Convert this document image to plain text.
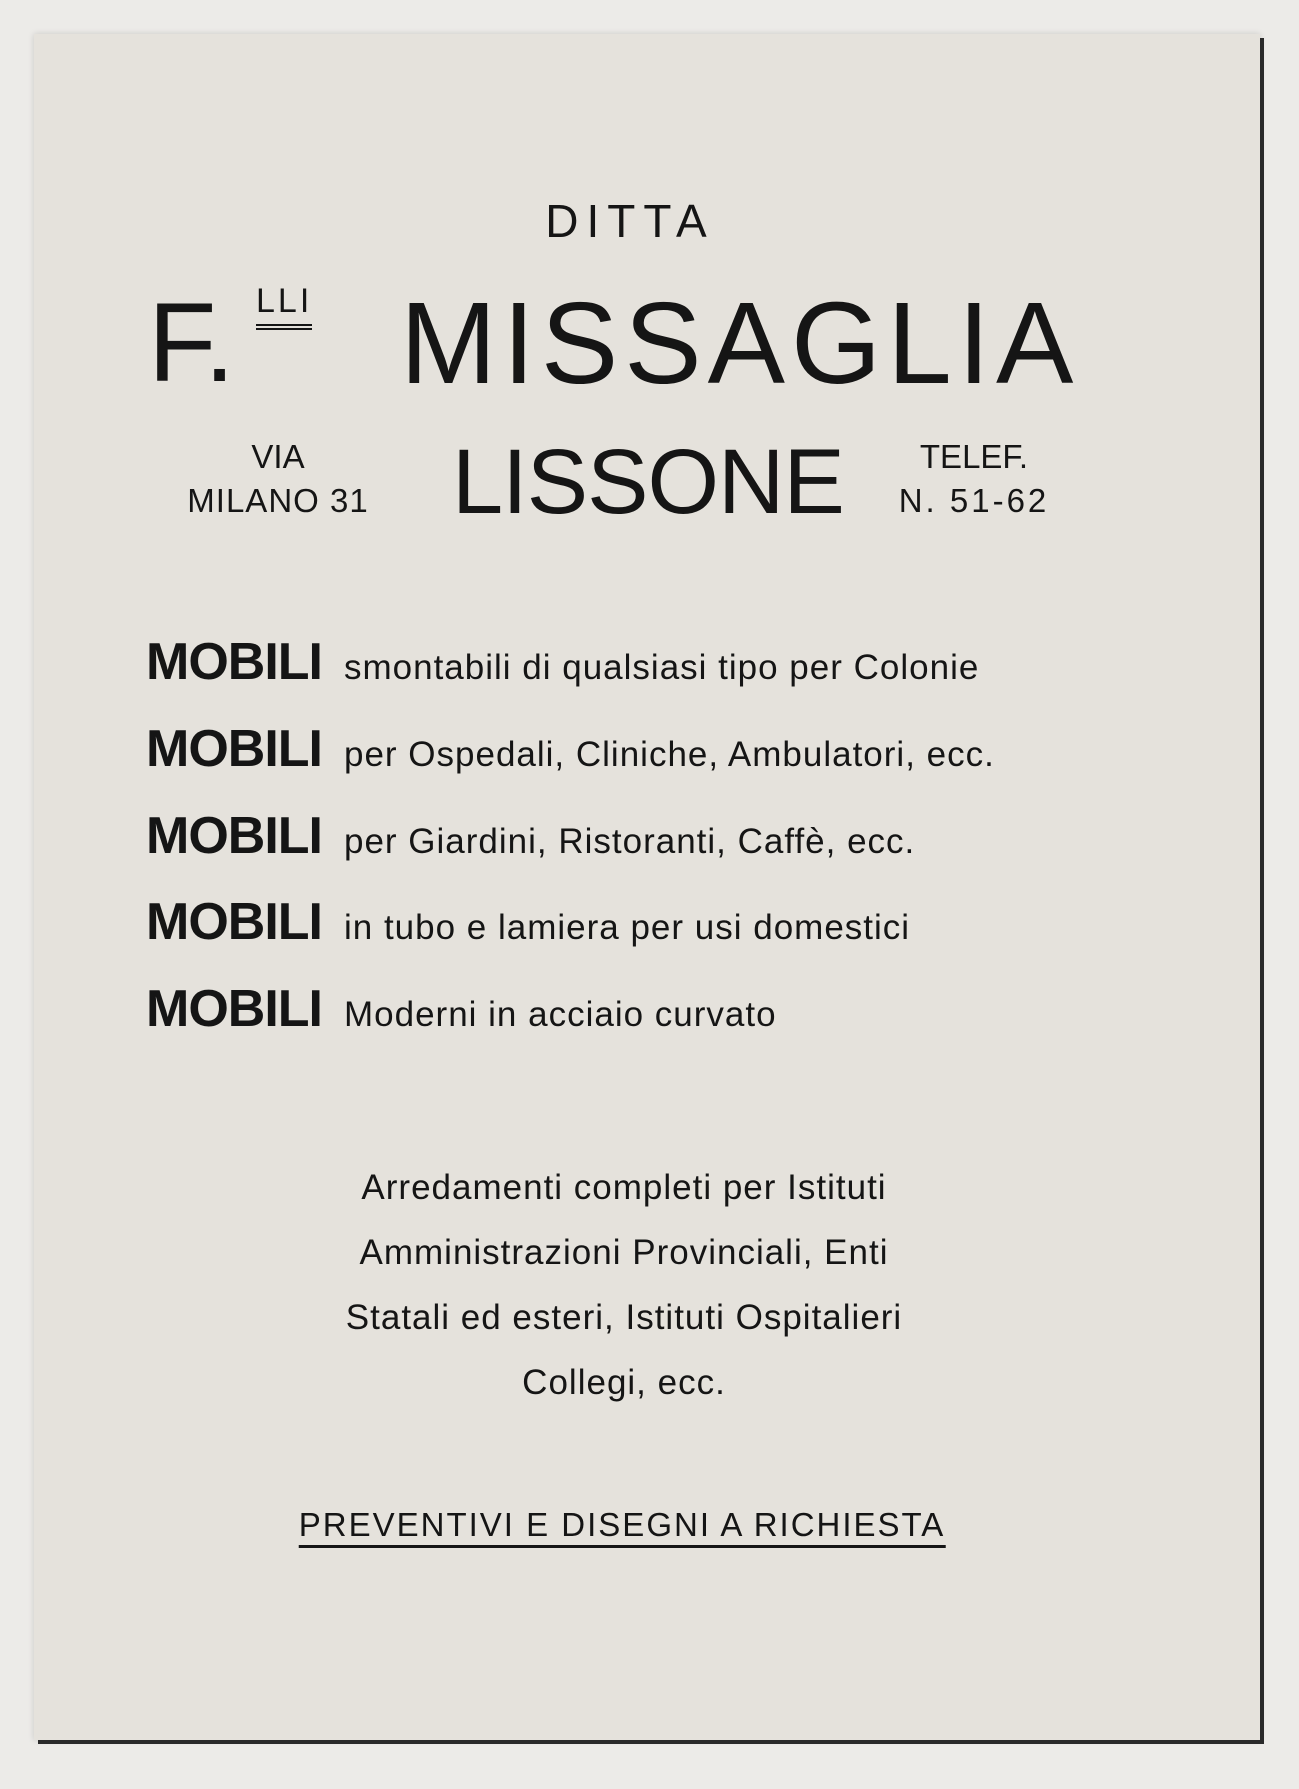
DITTA
F. LLI MISSAGLIA
VIA
MILANO 31 LISSONE TELEF.
N. 51-62
MOBILI smontabili di qualsiasi tipo per Colonie
MOBILI per Ospedali, Cliniche, Ambulatori, ecc.
MOBILI per Giardini, Ristoranti, Caffè, ecc.
MOBILI in tubo e lamiera per usi domestici
MOBILI Moderni in acciaio curvato
Arredamenti completi per Istituti
Amministrazioni Provinciali, Enti
Statali ed esteri, Istituti Ospitalieri
Collegi, ecc.
PREVENTIVI E DISEGNI A RICHIESTA
